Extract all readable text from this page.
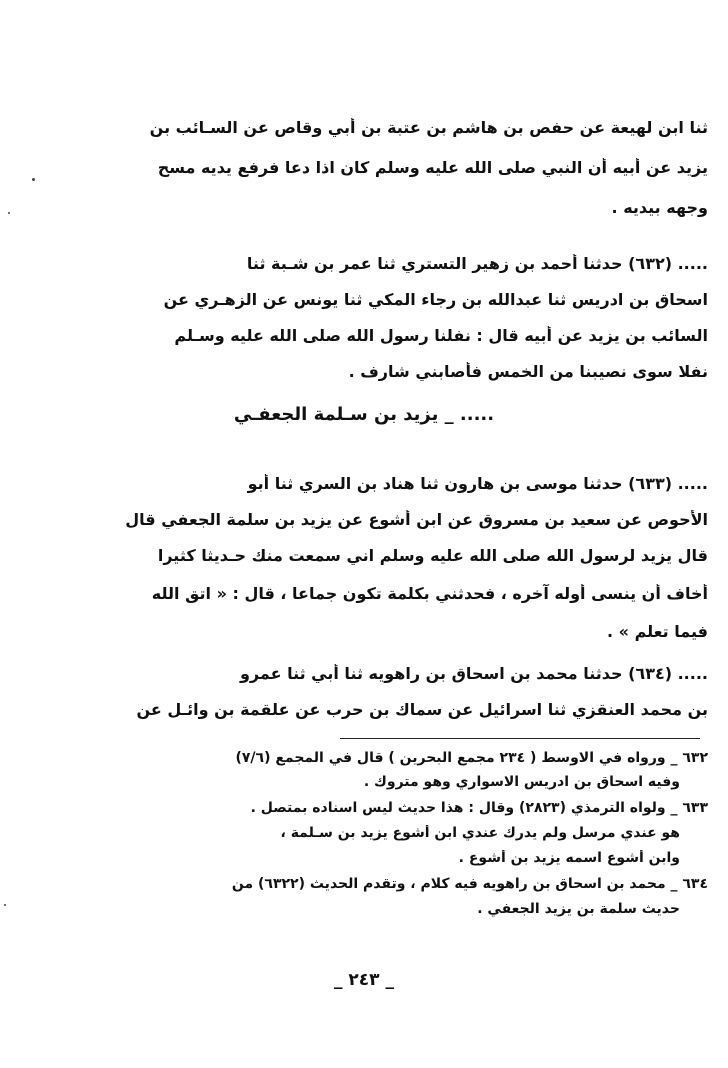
ثنا ابن لهيعة عن حفص بن هاشم بن عتبة بن أبي وقاص عن السـائب بن
يزيد عن أبيه أن النبي صلى الله عليه وسلم كان اذا دعا فرفع يديه مسح
وجهه بيديه .
..... (٦٣٢) حدثنا أحمد بن زهير التستري ثنا عمر بن شـبة ثنا
اسحاق بن ادريس ثنا عبدالله بن رجاء المكي ثنا يونس عن الزهـري عن
السائب بن يزيد عن أبيه قال : نفلنا رسول الله صلى الله عليه وسـلم
نفلا سوى نصيبنا من الخمس فأصابني شارف .
..... _ يزيد بن سـلمة الجعفـي
..... (٦٣٣) حدثنا موسى بن هارون ثنا هناد بن السري ثنا أبو
الأحوص عن سعيد بن مسروق عن ابن أشوع عن يزيد بن سلمة الجعفي قال
قال يزيد لرسول الله صلى الله عليه وسلم اني سمعت منك حـديثا كثيرا
أخاف أن ينسى أوله آخره ، فحدثني بكلمة تكون جماعا ، قال : « اتق الله
فيما تعلم » .
..... (٦٣٤) حدثنا محمد بن اسحاق بن راهويه ثنا أبي ثنا عمرو
بن محمد العنقزي ثنا اسرائيل عن سماك بن حرب عن علقمة بن وائـل عن
٦٣٢ _ ورواه في الاوسط ( ٢٣٤ مجمع البحرين ) قال في المجمع (٧/٦)
وفيه اسحاق بن ادريس الاسواري وهو متروك .
٦٣٣ _ ولواه الترمذي (٢٨٢٣) وقال : هذا حديث ليس اسناده بمتصل .
هو عندي مرسل ولم يدرك عندي ابن أشوع يزيد بن سـلمة ،
وابن أشوع اسمه يزيد بن أشوع .
٦٣٤ _ محمد بن اسحاق بن راهويه فيه كلام ، وتقدم الحديث (٦٣٢٢) من
حديث سلمة بن يزيد الجعفي .
_ ٢٤٣ _
